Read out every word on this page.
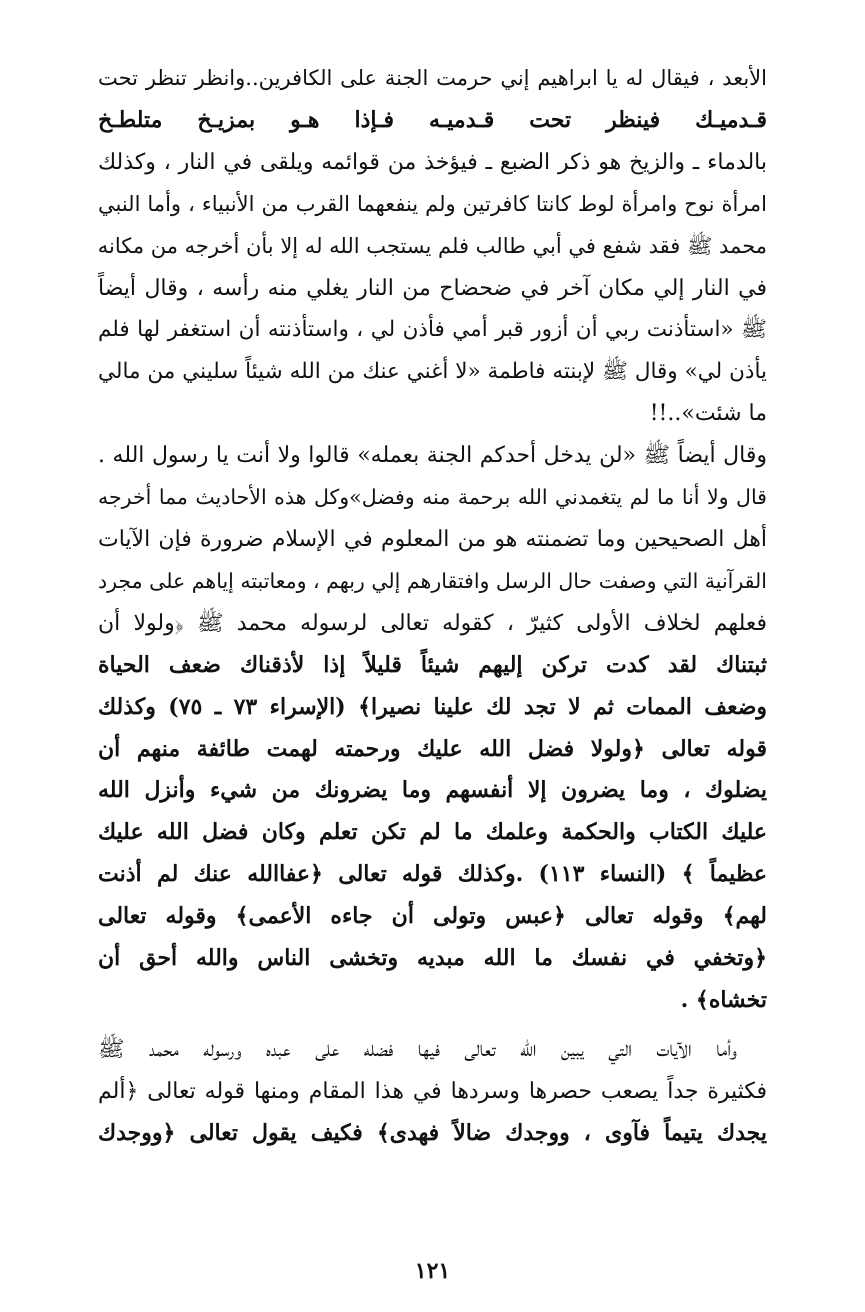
الأبعد ، فيقال له يا ابراهيم إني حرمت الجنة على الكافرين..وانظر تنظر تحت
قـدميـك فينظر تحت قـدميـه فـإذا هـو بمزيـخ متلطـخ
بالدماء ـ والزيخ هو ذكر الضبع ـ فيؤخذ من قوائمه ويلقى في النار ، وكذلك
امرأة نوح وامرأة لوط كانتا كافرتين ولم ينفعهما القرب من الأنبياء ، وأما النبي
محمد ﷺ فقد شفع في أبي طالب فلم يستجب الله له إلا بأن أخرجه من مكانه
في النار إلي مكان آخر في ضحضاح من النار يغلي منه رأسه ، وقال أيضاً
ﷺ «استأذنت ربي أن أزور قبر أمي فأذن لي ، واستأذنته أن استغفر لها فلم
يأذن لي» وقال ﷺ لإبنته فاطمة «لا أغني عنك من الله شيئاً سليني من مالي
ما شئت»..!!
وقال أيضاً ﷺ «لن يدخل أحدكم الجنة بعمله» قالوا ولا أنت يا رسول الله .
قال ولا أنا ما لم يتغمدني الله برحمة منه وفضل»وكل هذه الأحاديث مما أخرجه
أهل الصحيحين وما تضمنته هو من المعلوم في الإسلام ضرورة فإن الآيات
القرآنية التي وصفت حال الرسل وافتقارهم إلي ربهم ، ومعاتبته إياهم على مجرد
فعلهم لخلاف الأولى كثيرّ ، كقوله تعالى لرسوله محمد ﷺ ﴿ولولا أن
ثبتناك لقد كدت تركن إليهم شيئاً قليلاً إذا لأذقناك ضعف الحياة
وضعف الممات ثم لا تجد لك علينا نصيرا﴾ (الإسراء ٧٣ ـ ٧٥) وكذلك
قوله تعالى ﴿ولولا فضل الله عليك ورحمته لهمت طائفة منهم أن
يضلوك ، وما يضرون إلا أنفسهم وما يضرونك من شيء وأنزل الله
عليك الكتاب والحكمة وعلمك ما لم تكن تعلم وكان فضل الله عليك
عظيماً ﴾ (النساء ١١٣) .وكذلك قوله تعالى ﴿عفاالله عنك لم أذنت
لهم﴾ وقوله تعالى ﴿عبس وتولى أن جاءه الأعمى﴾ وقوله تعالى
﴿وتخفي في نفسك ما الله مبديه وتخشى الناس والله أحق أن
تخشاه﴾ .
وأما الآيات التي يبين الله تعالى فيها فضله على عبده ورسوله محمد ﷺ
فكثيرة جداً يصعب حصرها وسردها في هذا المقام ومنها قوله تعالى ﴿ألم
يجدك يتيماً فآوى ، ووجدك ضالاً فهدى﴾ فكيف يقول تعالى ﴿ووجدك
١٢١
